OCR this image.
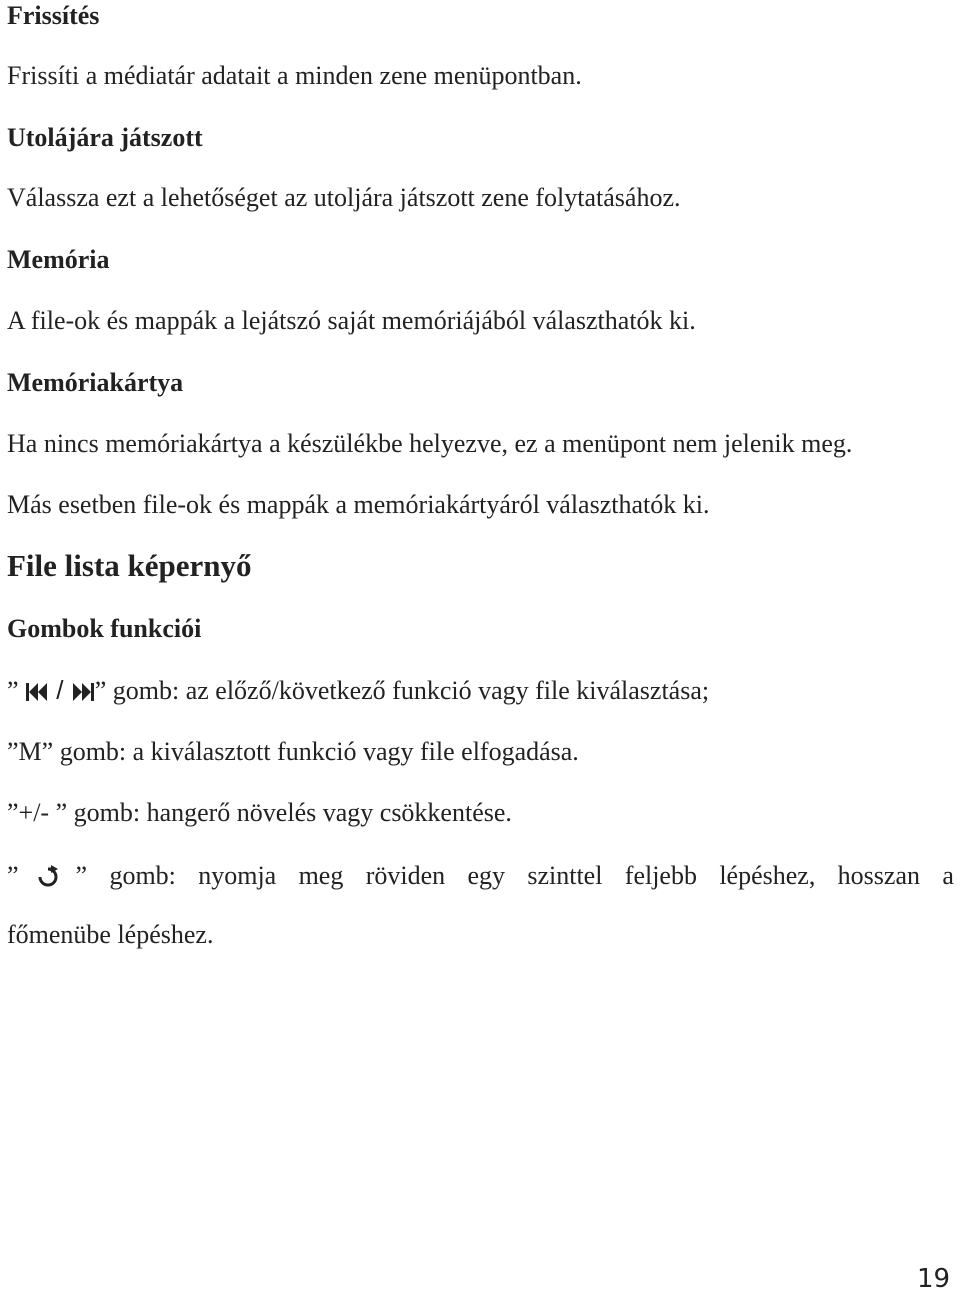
Frissítés
Frissíti a médiatár adatait a minden zene menüpontban.
Utolájára játszott
Válassza ezt a lehetőséget az utoljára játszott zene folytatásához.
Memória
A file-ok és mappák a lejátszó saját memóriájából választhatók ki.
Memóriakártya
Ha nincs memóriakártya a készülékbe helyezve, ez a menüpont nem jelenik meg.
Más esetben file-ok és mappák a memóriakártyáról választhatók ki.
File lista képernyő
Gombok funkciói
”  / ” gomb: az előző/következő funkció vagy file kiválasztása;
”M” gomb: a kiválasztott funkció vagy file elfogadása.
”+/- ” gomb: hangerő növelés vagy csökkentése.
” ” gomb: nyomja meg röviden egy szinttel feljebb lépéshez, hosszan a
főmenübe lépéshez.
19
